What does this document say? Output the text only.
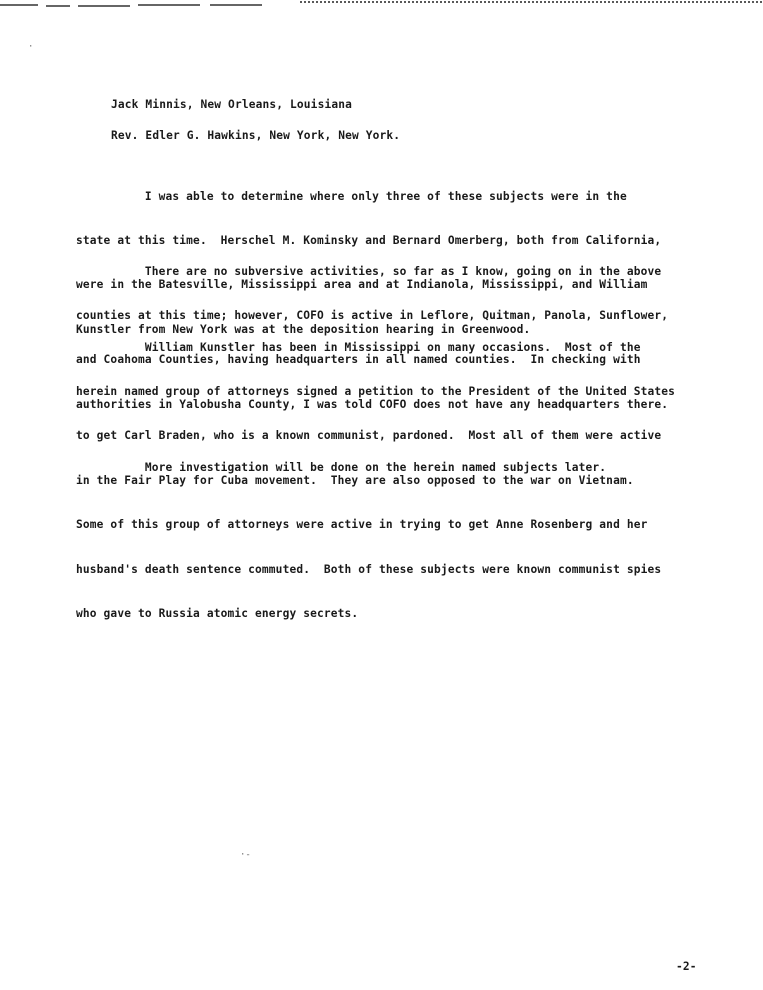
Jack Minnis, New Orleans, Louisiana
Rev. Edler G. Hawkins, New York, New York.

I was able to determine where only three of these subjects were in the

state at this time.  Herschel M. Kominsky and Bernard Omerberg, both from California,

were in the Batesville, Mississippi area and at Indianola, Mississippi, and William

Kunstler from New York was at the deposition hearing in Greenwood.

There are no subversive activities, so far as I know, going on in the above

counties at this time; however, COFO is active in Leflore, Quitman, Panola, Sunflower,

and Coahoma Counties, having headquarters in all named counties.  In checking with

authorities in Yalobusha County, I was told COFO does not have any headquarters there.

William Kunstler has been in Mississippi on many occasions.  Most of the

herein named group of attorneys signed a petition to the President of the United States

to get Carl Braden, who is a known communist, pardoned.  Most all of them were active

in the Fair Play for Cuba movement.  They are also opposed to the war on Vietnam.

Some of this group of attorneys were active in trying to get Anne Rosenberg and her

husband's death sentence commuted.  Both of these subjects were known communist spies

who gave to Russia atomic energy secrets.

More investigation will be done on the herein named subjects later.

·-
·
-2-
